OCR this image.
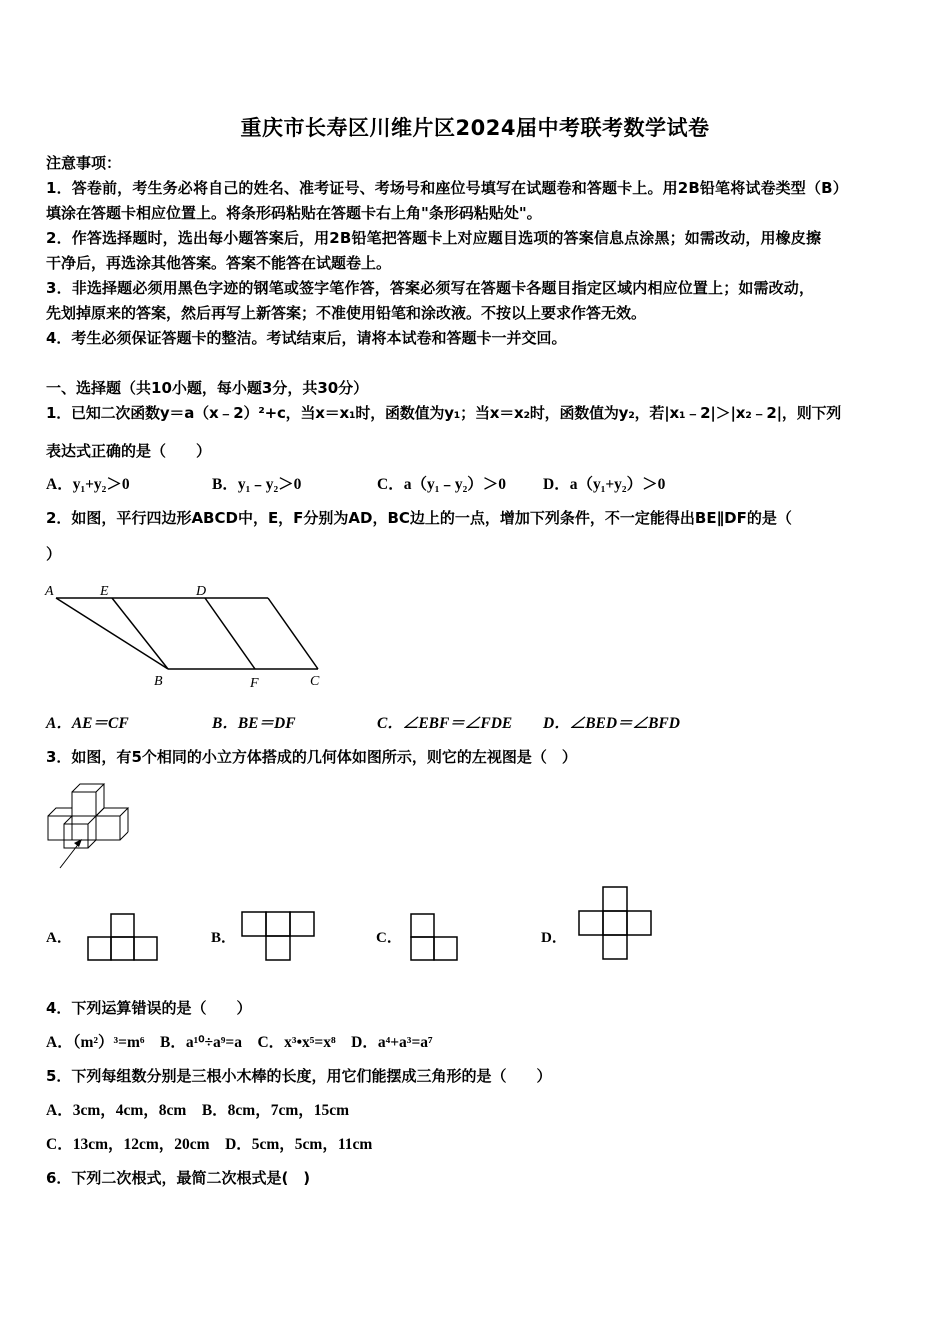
重庆市长寿区川维片区2024届中考联考数学试卷
注意事项：
1．答卷前，考生务必将自己的姓名、准考证号、考场号和座位号填写在试题卷和答题卡上。用2B铅笔将试卷类型（B）
填涂在答题卡相应位置上。将条形码粘贴在答题卡右上角"条形码粘贴处"。
2．作答选择题时，选出每小题答案后，用2B铅笔把答题卡上对应题目选项的答案信息点涂黑；如需改动，用橡皮擦
干净后，再选涂其他答案。答案不能答在试题卷上。
3．非选择题必须用黑色字迹的钢笔或签字笔作答，答案必须写在答题卡各题目指定区域内相应位置上；如需改动，
先划掉原来的答案，然后再写上新答案；不准使用铅笔和涂改液。不按以上要求作答无效。
4．考生必须保证答题卡的整洁。考试结束后，请将本试卷和答题卡一并交回。
一、选择题（共10小题，每小题3分，共30分）
1．已知二次函数y＝a（x﹣2）²+c，当x＝x₁时，函数值为y₁；当x＝x₂时，函数值为y₂，若|x₁﹣2|＞|x₂﹣2|，则下列
表达式正确的是（　　）
A．y₁+y₂＞0	B．y₁﹣y₂＞0	C．a（y₁﹣y₂）＞0 D．a（y₁+y₂）＞0
2．如图，平行四边形ABCD中，E，F分别为AD，BC边上的一点，增加下列条件，不一定能得出BE∥DF的是（
）
A	E	D
B	F	C
A．AE＝CF	B．BE＝DF	C．∠EBF＝∠FDE D．∠BED＝∠BFD
3．如图，有5个相同的小立方体搭成的几何体如图所示，则它的左视图是（　）
A．	B．	C．	D．
4．下列运算错误的是（　　）
A．（m²）³=m⁶　B．a¹⁰÷a⁹=a　C．x³•x⁵=x⁸　D．a⁴+a³=a⁷
5．下列每组数分别是三根小木棒的长度，用它们能摆成三角形的是（　　）
A．3cm，4cm，8cm　B．8cm，7cm，15cm
C．13cm，12cm，20cm　D．5cm，5cm，11cm
6．下列二次根式，最简二次根式是(　)
